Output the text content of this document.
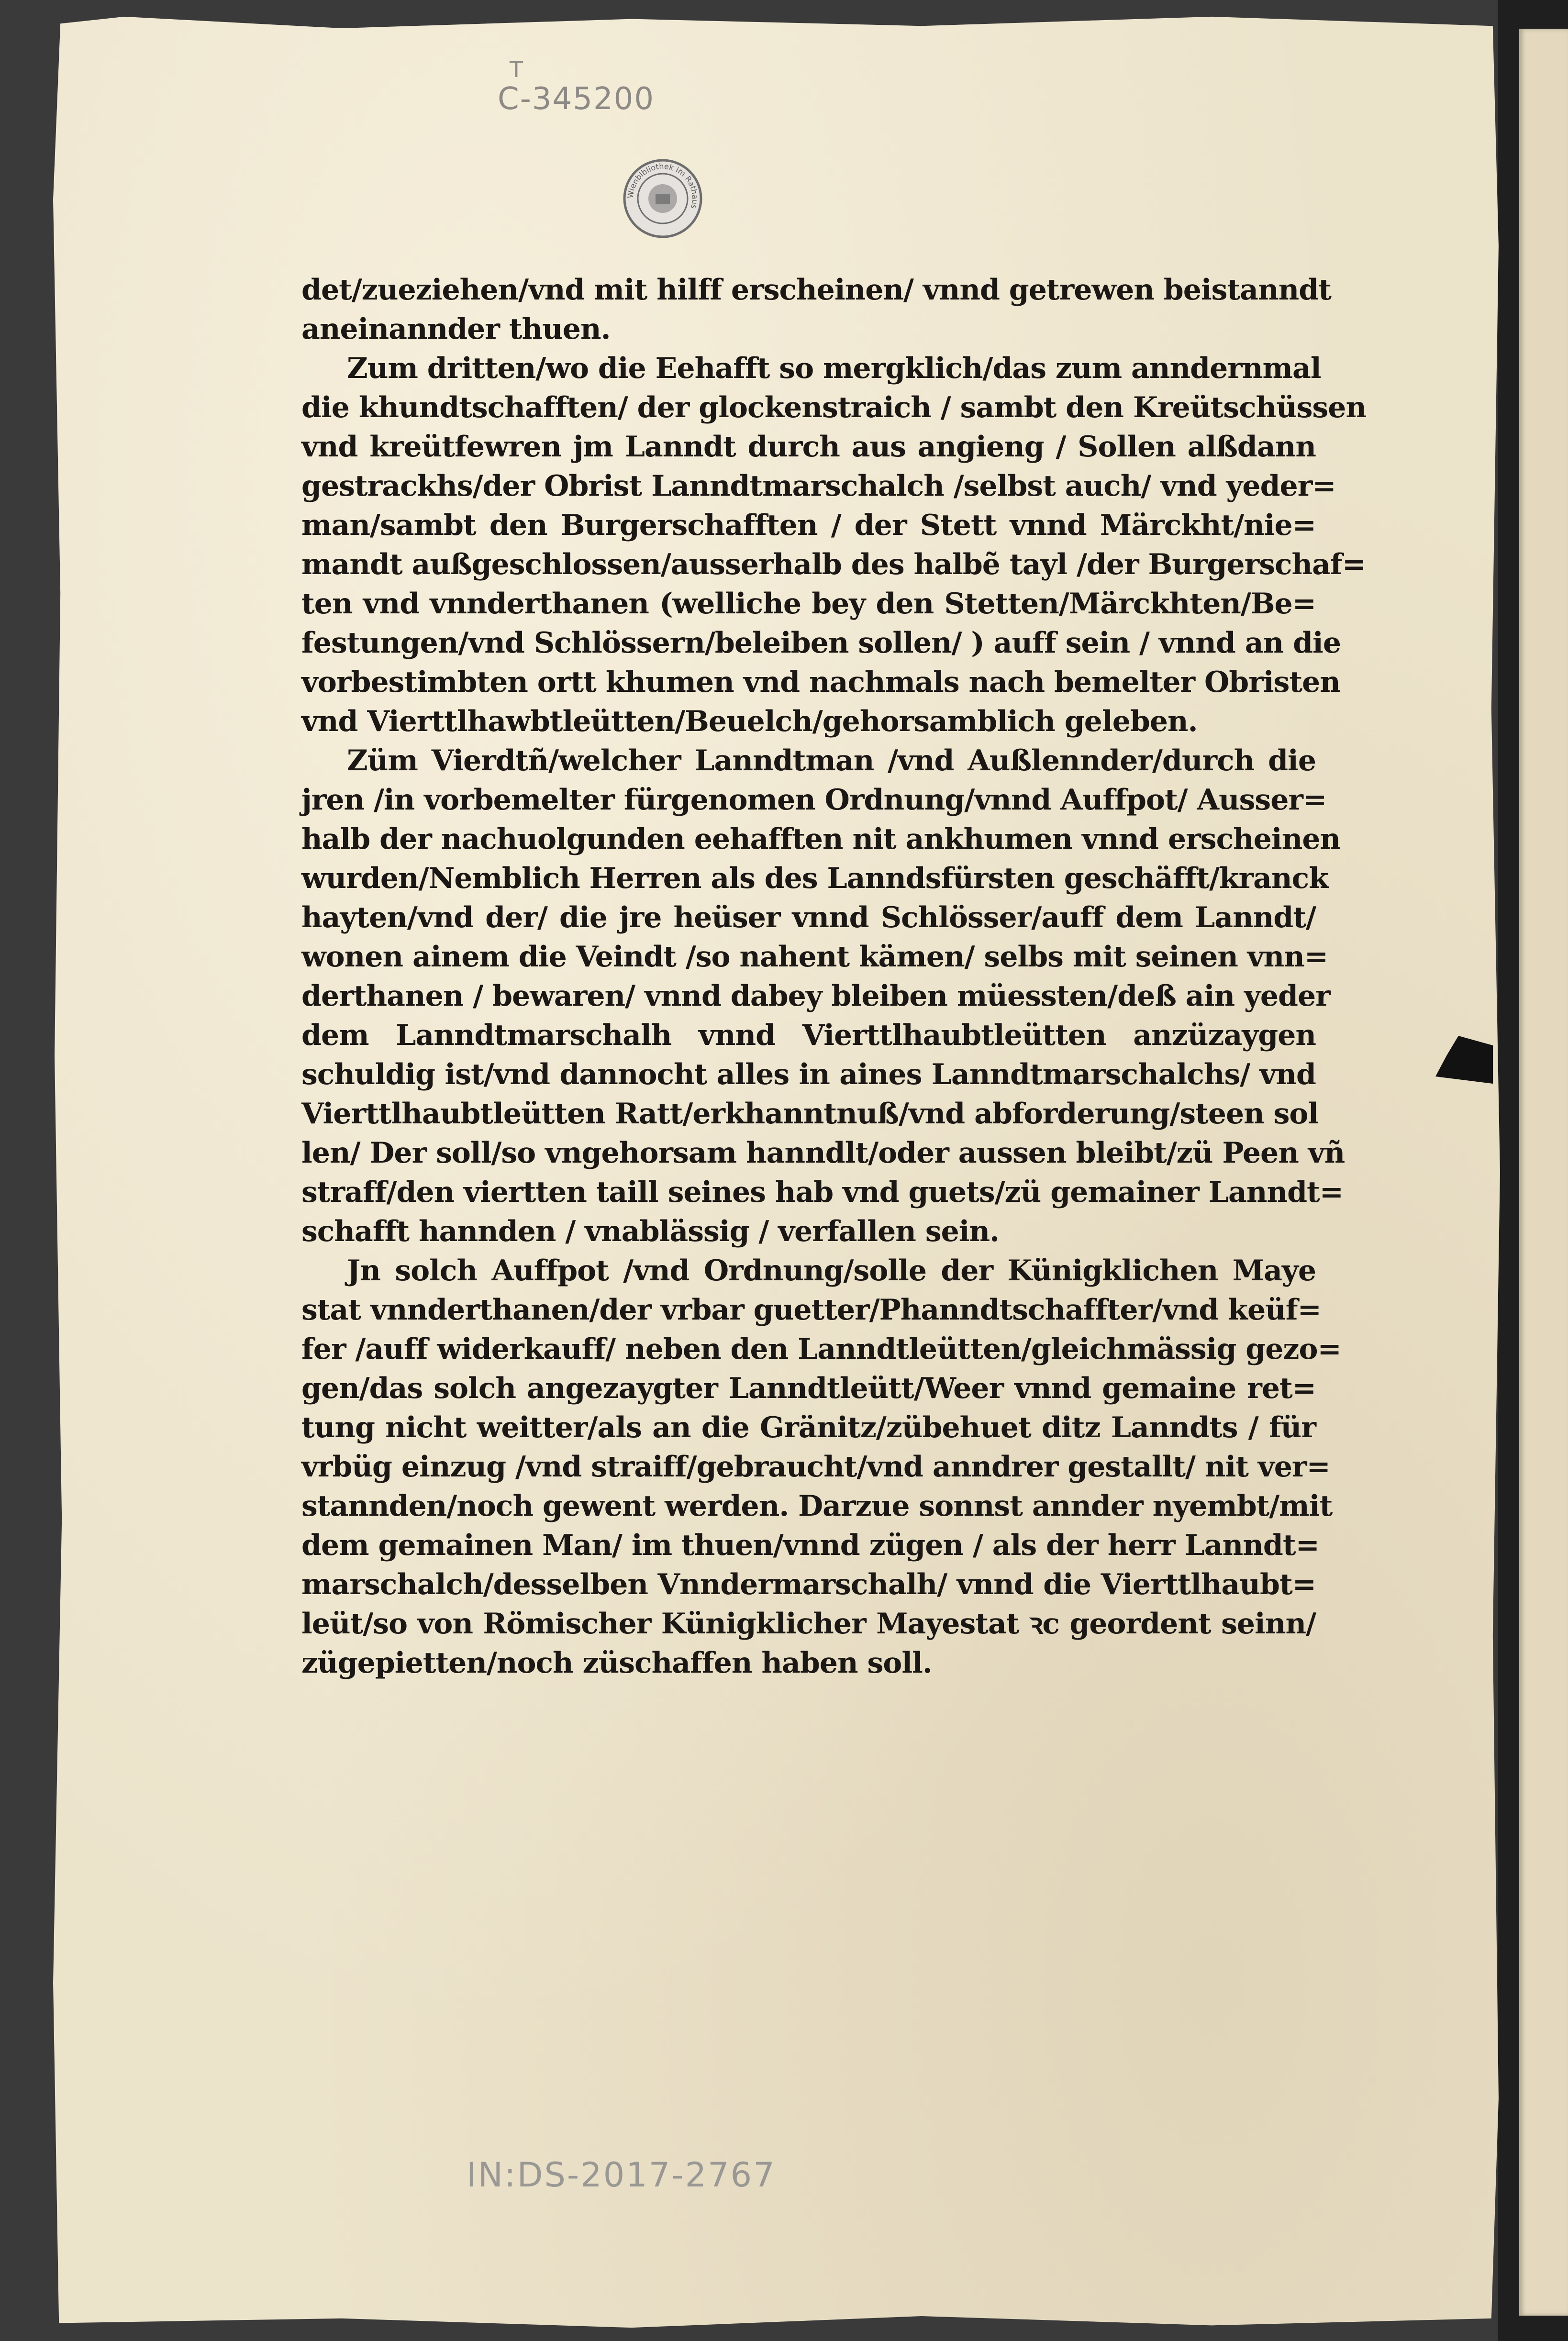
T
C-345200
Wienbibliothek im Rathaus
det/zueziehen/vnd mit hilff erscheinen/ vnnd getrewen beistanndt
aneinannder thuen.
Zum dritten/wo die Eehafft so mergklich/das zum anndernmal
die khundtschafften/ der glockenstraich / sambt den Kreütschüssen
vnd kreütfewren jm Lanndt durch aus angieng / Sollen alßdann
gestrackhs/der Obrist Lanndtmarschalch /selbst auch/ vnd yeder=
man/sambt den Burgerschafften / der Stett vnnd Märckht/nie=
mandt außgeschlossen/ausserhalb des halbẽ tayl /der Burgerschaf=
ten vnd vnnderthanen (welliche bey den Stetten/Märckhten/Be=
festungen/vnd Schlössern/beleiben sollen/ ) auff sein / vnnd an die
vorbestimbten ortt khumen vnd nachmals nach bemelter Obristen
vnd Vierttlhawbtleütten/Beuelch/gehorsamblich geleben.
Züm Vierdtñ/welcher Lanndtman /vnd Außlennder/durch die
jren /in vorbemelter fürgenomen Ordnung/vnnd Auffpot/ Ausser=
halb der nachuolgunden eehafften nit ankhumen vnnd erscheinen
wurden/Nemblich Herren als des Lanndsfürsten geschäfft/kranck
hayten/vnd der/ die jre heüser vnnd Schlösser/auff dem Lanndt/
wonen ainem die Veindt /so nahent kämen/ selbs mit seinen vnn=
derthanen / bewaren/ vnnd dabey bleiben müessten/deß ain yeder
dem Lanndtmarschalh vnnd Vierttlhaubtleütten anzüzaygen
schuldig ist/vnd dannocht alles in aines Lanndtmarschalchs/ vnd
Vierttlhaubtleütten Ratt/erkhanntnuß/vnd abforderung/steen sol
len/ Der soll/so vngehorsam hanndlt/oder aussen bleibt/zü Peen vñ
straff/den viertten taill seines hab vnd guets/zü gemainer Lanndt=
schafft hannden / vnablässig / verfallen sein.
Jn solch Auffpot /vnd Ordnung/solle der Künigklichen Maye
stat vnnderthanen/der vrbar guetter/Phanndtschaffter/vnd keüf=
fer /auff widerkauff/ neben den Lanndtleütten/gleichmässig gezo=
gen/das solch angezaygter Lanndtleütt/Weer vnnd gemaine ret=
tung nicht weitter/als an die Gränitz/zübehuet ditz Lanndts / für
vrbüg einzug /vnd straiff/gebraucht/vnd anndrer gestallt/ nit ver=
stannden/noch gewent werden. Darzue sonnst annder nyembt/mit
dem gemainen Man/ im thuen/vnnd zügen / als der herr Lanndt=
marschalch/desselben Vnndermarschalh/ vnnd die Vierttlhaubt=
leüt/so von Römischer Künigklicher Mayestat ꝛc geordent seinn/
zügepietten/noch züschaffen haben soll.
IN:DS-2017-2767
